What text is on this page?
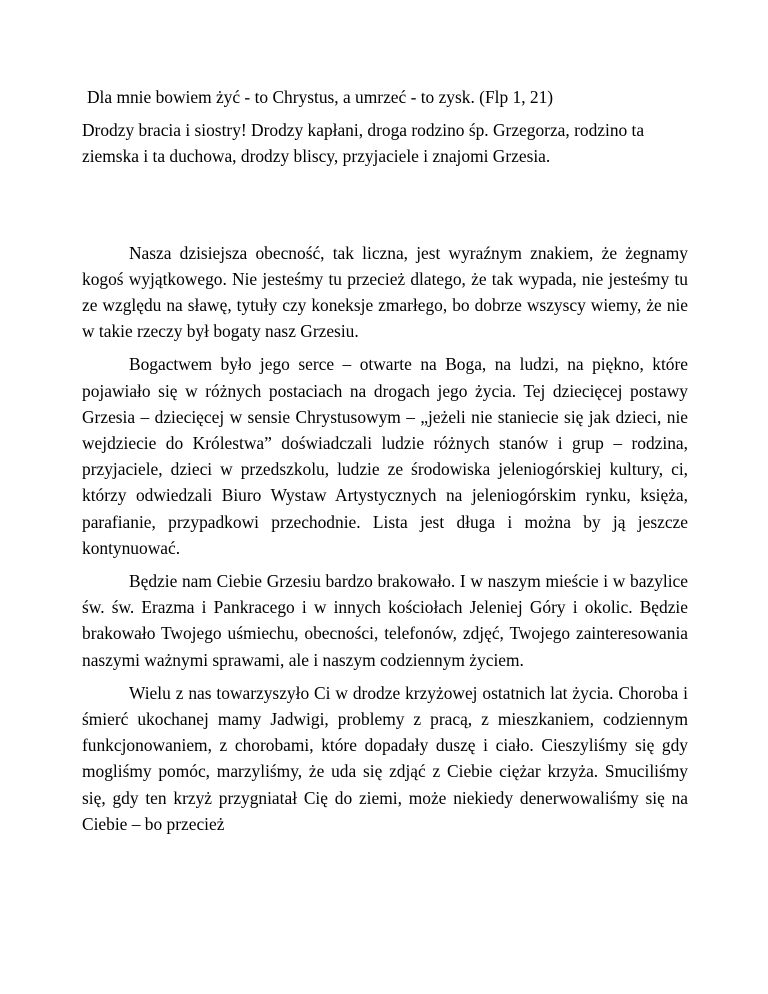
Dla mnie bowiem żyć - to Chrystus, a umrzeć - to zysk. (Flp 1, 21)
Drodzy bracia i siostry! Drodzy kapłani, droga rodzino śp. Grzegorza, rodzino ta ziemska i ta duchowa, drodzy bliscy, przyjaciele i znajomi Grzesia.
Nasza dzisiejsza obecność, tak liczna, jest wyraźnym znakiem, że żegnamy kogoś wyjątkowego. Nie jesteśmy tu przecież dlatego, że tak wypada, nie jesteśmy tu ze względu na sławę, tytuły czy koneksje zmarłego, bo dobrze wszyscy wiemy, że nie w takie rzeczy był bogaty nasz Grzesiu.
Bogactwem było jego serce – otwarte na Boga, na ludzi, na piękno, które pojawiało się w różnych postaciach na drogach jego życia. Tej dziecięcej postawy Grzesia – dziecięcej w sensie Chrystusowym – „jeżeli nie staniecie się jak dzieci, nie wejdziecie do Królestwa” doświadczali ludzie różnych stanów i grup – rodzina, przyjaciele, dzieci w przedszkolu, ludzie ze środowiska jeleniogórskiej kultury, ci, którzy odwiedzali Biuro Wystaw Artystycznych na jeleniogórskim rynku, księża, parafianie, przypadkowi przechodnie. Lista jest długa i można by ją jeszcze kontynuować.
Będzie nam Ciebie Grzesiu bardzo brakowało. I w naszym mieście i w bazylice św. św. Erazma i Pankracego i w innych kościołach Jeleniej Góry i okolic. Będzie brakowało Twojego uśmiechu, obecności, telefonów, zdjęć, Twojego zainteresowania naszymi ważnymi sprawami, ale i naszym codziennym życiem.
Wielu z nas towarzyszyło Ci w drodze krzyżowej ostatnich lat życia. Choroba i śmierć ukochanej mamy Jadwigi, problemy z pracą, z mieszkaniem, codziennym funkcjonowaniem, z chorobami, które dopadały duszę i ciało. Cieszyliśmy się gdy mogliśmy pomóc, marzyliśmy, że uda się zdjąć z Ciebie ciężar krzyża. Smuciliśmy się, gdy ten krzyż przygniatał Cię do ziemi, może niekiedy denerwowaliśmy się na Ciebie – bo przecież
